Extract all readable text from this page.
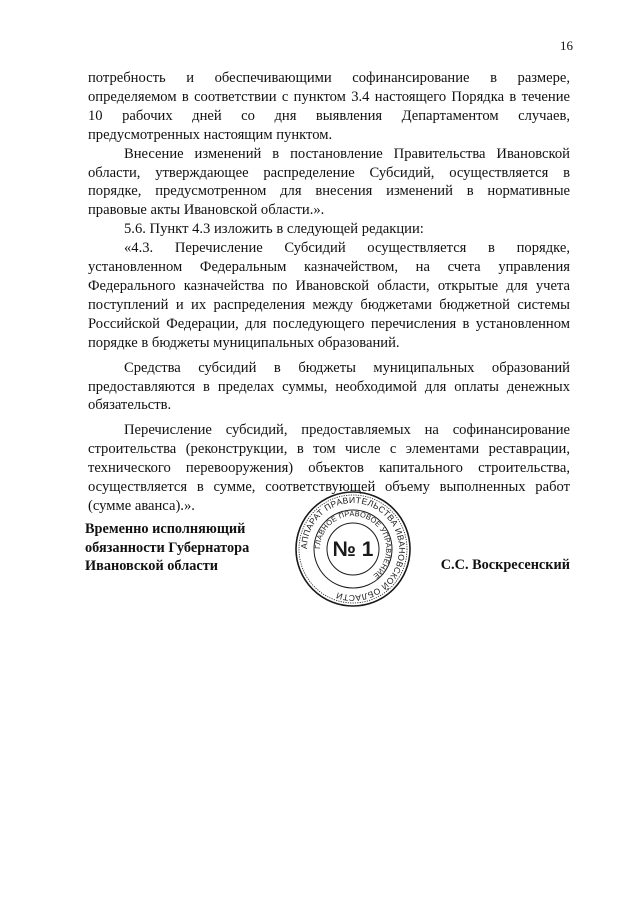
16

потребность и обеспечивающими софинансирование в размере, определяемом в соответствии с пунктом 3.4 настоящего Порядка в течение 10 рабочих дней со дня выявления Департаментом случаев, предусмотренных настоящим пунктом.

Внесение изменений в постановление Правительства Ивановской области, утверждающее распределение Субсидий, осуществляется в порядке, предусмотренном для внесения изменений в нормативные правовые акты Ивановской области.».

5.6. Пункт 4.3 изложить в следующей редакции:

«4.3. Перечисление Субсидий осуществляется в порядке, установленном Федеральным казначейством, на счета управления Федерального казначейства по Ивановской области, открытые для учета поступлений и их распределения между бюджетами бюджетной системы Российской Федерации, для последующего перечисления в установленном порядке в бюджеты муниципальных образований.

Средства субсидий в бюджеты муниципальных образований предоставляются в пределах суммы, необходимой для оплаты денежных обязательств.

Перечисление субсидий, предоставляемых на софинансирование строительства (реконструкции, в том числе с элементами реставрации, технического перевооружения) объектов капитального строительства, осуществляется в сумме, соответствующей объему выполненных работ (сумме аванса).».

Временно исполняющий
обязанности Губернатора
Ивановской области
АППАРАТ ПРАВИТЕЛЬСТВА ИВАНОВСКОЙ ОБЛАСТИ
ГЛАВНОЕ ПРАВОВОЕ УПРАВЛЕНИЕ
№ 1
С.С. Воскресенский
